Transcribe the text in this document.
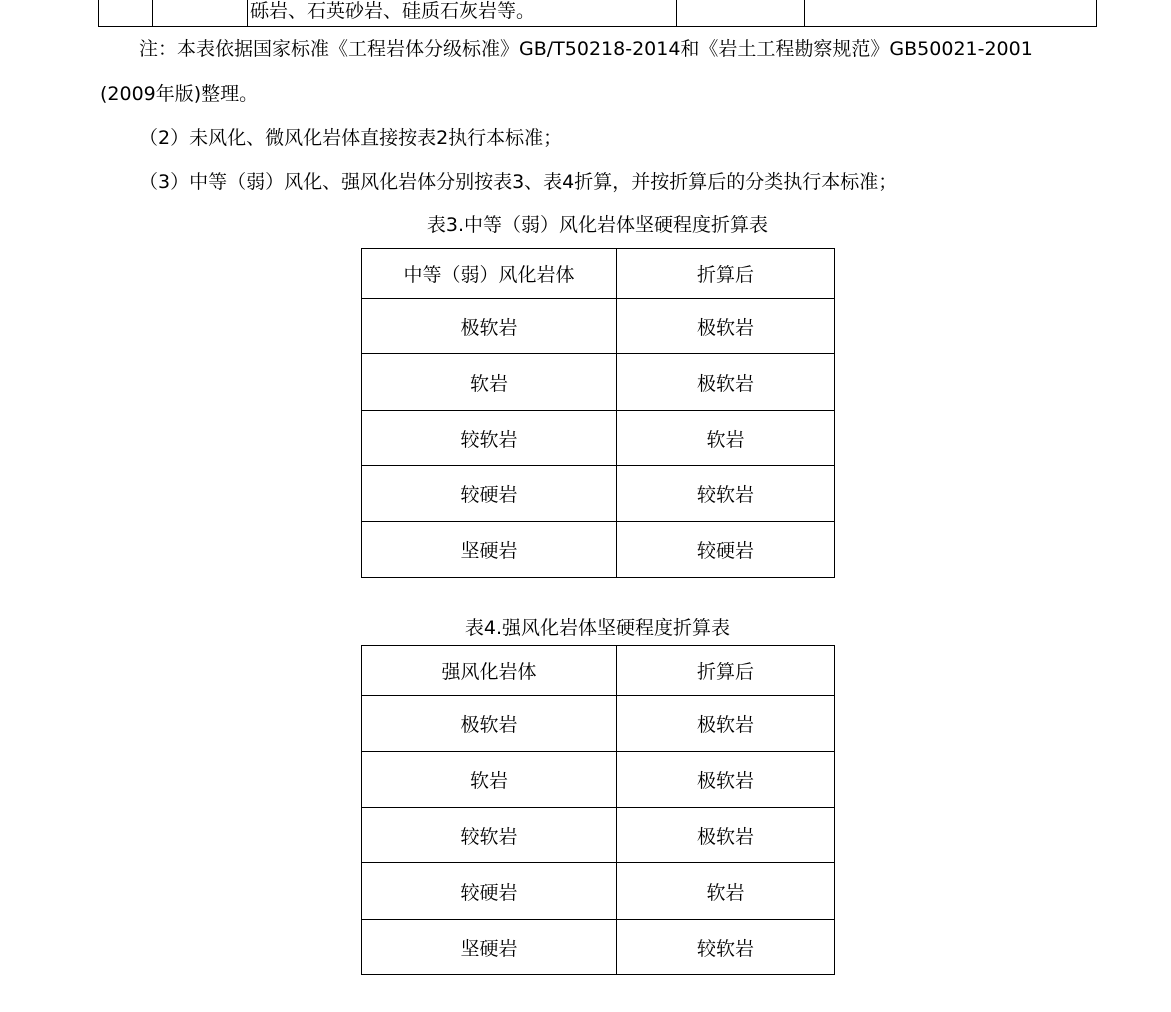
		砾岩、石英砂岩、硅质石灰岩等。		
注：本表依据国家标准《工程岩体分级标准》GB/T50218-2014和《岩土工程勘察规范》GB50021-2001
(2009年版)整理。
（2）未风化、微风化岩体直接按表2执行本标准；
（3）中等（弱）风化、强风化岩体分别按表3、表4折算，并按折算后的分类执行本标准；
表3.中等（弱）风化岩体坚硬程度折算表
中等（弱）风化岩体	折算后
极软岩	极软岩
软岩	极软岩
较软岩	软岩
较硬岩	较软岩
坚硬岩	较硬岩
表4.强风化岩体坚硬程度折算表
强风化岩体	折算后
极软岩	极软岩
软岩	极软岩
较软岩	极软岩
较硬岩	软岩
坚硬岩	较软岩
